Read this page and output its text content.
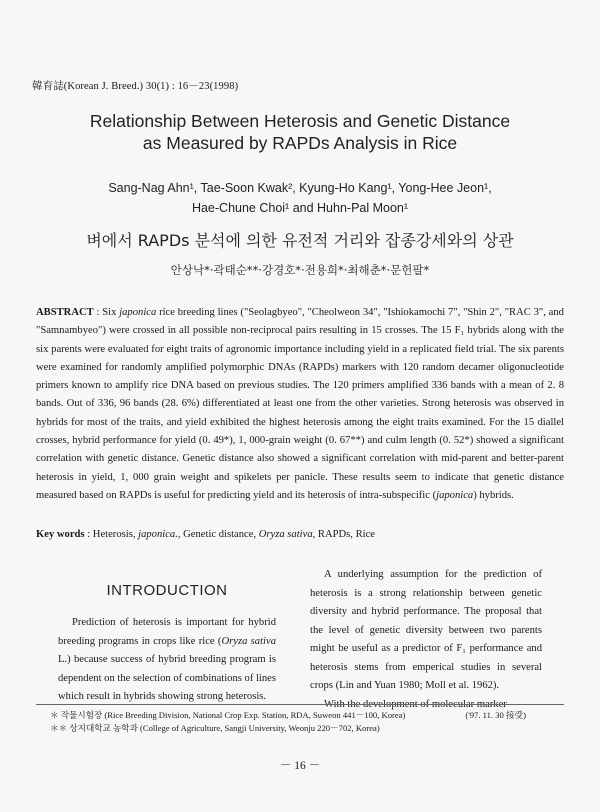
韓育誌(Korean J. Breed.) 30(1) : 16－23(1998)
Relationship Between Heterosis and Genetic Distance
as Measured by RAPDs Analysis in Rice
Sang-Nag Ahn¹, Tae-Soon Kwak², Kyung-Ho Kang¹, Yong-Hee Jeon¹,
Hae-Chune Choi¹ and Huhn-Pal Moon¹
벼에서 RAPDs 분석에 의한 유전적 거리와 잡종강세와의 상관
안상낙*·곽태순**·강경호*·전용희*·최해춘*·문헌팔*
ABSTRACT : Six japonica rice breeding lines ("Seolagbyeo", "Cheolweon 34", "Ishiokamochi 7", "Shin 2", "RAC 3", and "Samnambyeo") were crossed in all possible non-reciprocal pairs resulting in 15 crosses. The 15 F₁ hybrids along with the six parents were evaluated for eight traits of agronomic importance including yield in a replicated field trial. The six parents were examined for randomly amplified polymorphic DNAs (RAPDs) markers with 120 random decamer oligonucleotide primers known to amplify rice DNA based on previous studies. The 120 primers amplified 336 bands with a mean of 2. 8 bands. Out of 336, 96 bands (28. 6%) differentiated at least one from the other varieties. Strong heterosis was observed in hybrids for most of the traits, and yield exhibited the highest heterosis among the eight traits examined. For the 15 diallel crosses, hybrid performance for yield (0. 49*), 1, 000-grain weight (0. 67**) and culm length (0. 52*) showed a significant correlation with genetic distance. Genetic distance also showed a significant correlation with mid-parent and better-parent heterosis in yield, 1, 000 grain weight and spikelets per panicle. These results seem to indicate that genetic distance measured based on RAPDs is useful for predicting yield and its heterosis of intra-subspecific (japonica) hybrids.
Key words : Heterosis, japonica., Genetic distance, Oryza sativa, RAPDs, Rice
INTRODUCTION

Prediction of heterosis is important for hybrid breeding programs in crops like rice (Oryza sativa L.) because success of hybrid breeding program is dependent on the selection of combinations of lines which result in hybrids showing strong heterosis.

A underlying assumption for the prediction of heterosis is a strong relationship between genetic diversity and hybrid performance. The proposal that the level of genetic diversity between two parents might be useful as a predictor of F₁ performance and heterosis stems from emperical studies in several crops (Lin and Yuan 1980; Moll et al. 1962).

With the development of molecular marker

＊ 작물시험장 (Rice Breeding Division, National Crop Exp. Station, RDA, Suweon 441－100, Korea)	('97. 11. 30 接受)
＊＊ 상지대학교 농학과 (College of Agriculture, Sangji University, Weonju 220－702, Korea)
－ 16 －
